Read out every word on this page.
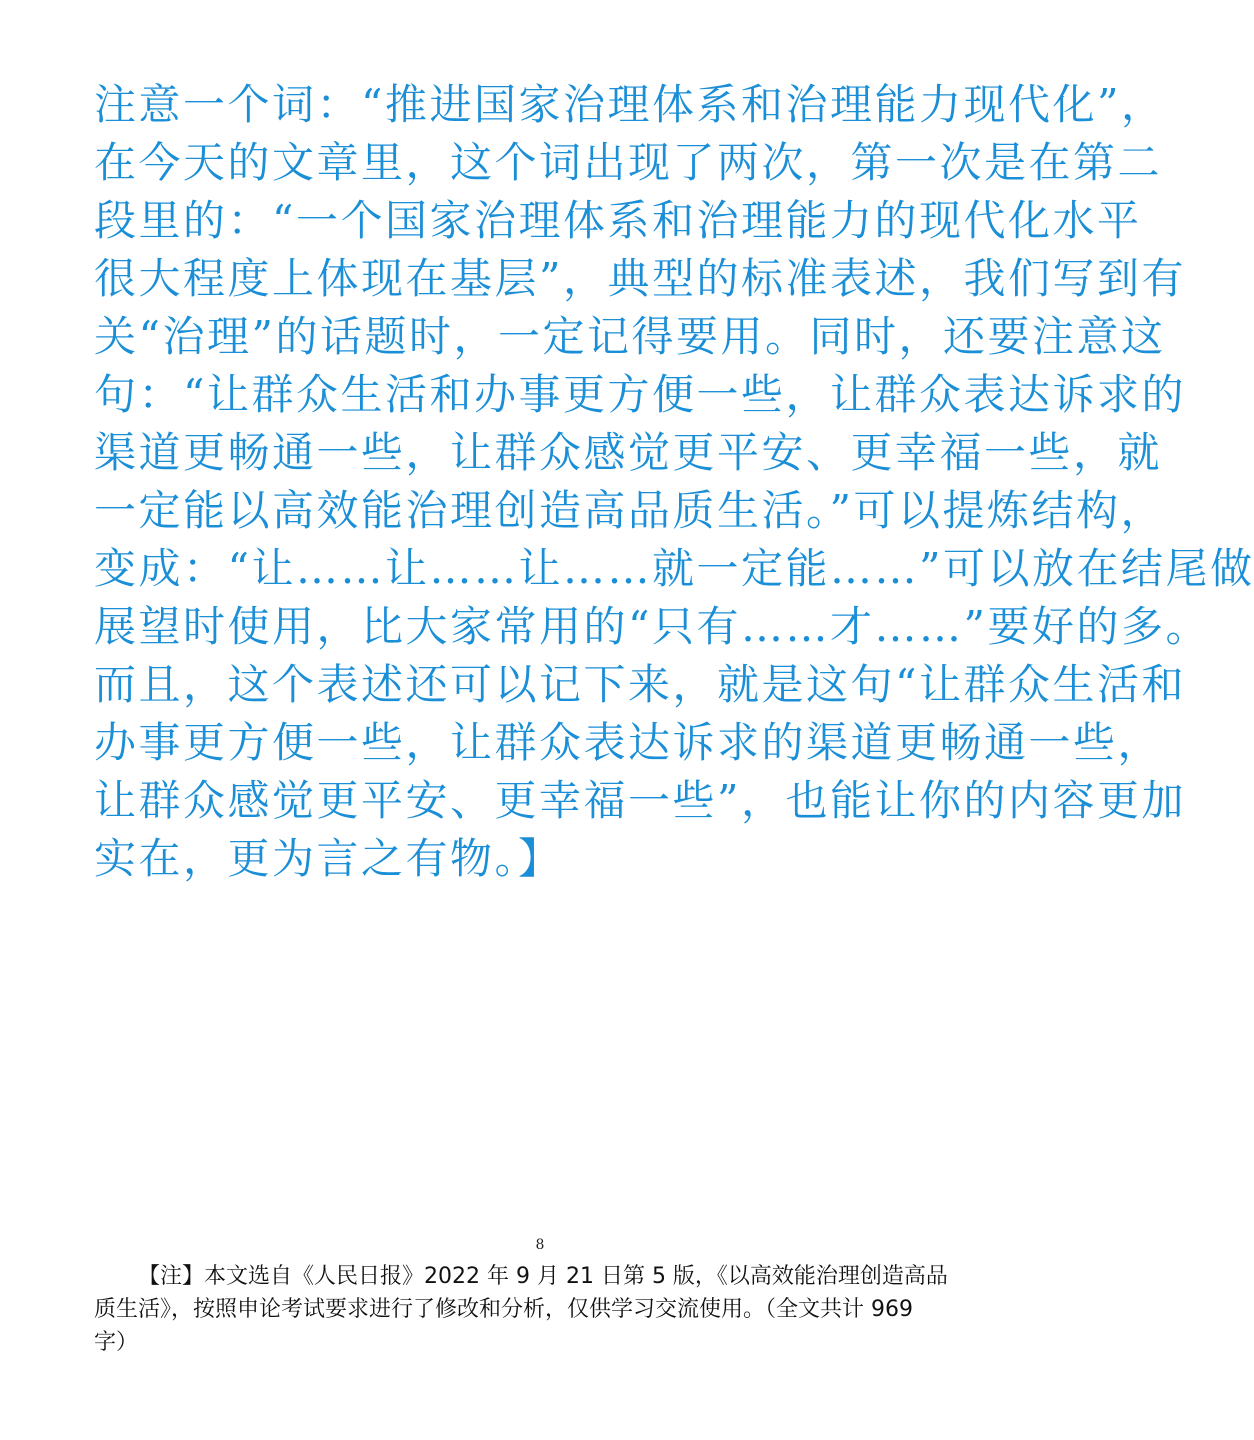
注意一个词：“推进国家治理体系和治理能力现代化”，
在今天的文章里，这个词出现了两次，第一次是在第二
段里的：“一个国家治理体系和治理能力的现代化水平
很大程度上体现在基层”，典型的标准表述，我们写到有
关“治理”的话题时，一定记得要用。同时，还要注意这
句：“让群众生活和办事更方便一些，让群众表达诉求的
渠道更畅通一些，让群众感觉更平安、更幸福一些，就
一定能以高效能治理创造高品质生活。”可以提炼结构，
变成：“让……让……让……就一定能……”可以放在结尾做
展望时使用，比大家常用的“只有……才……”要好的多。
而且，这个表述还可以记下来，就是这句“让群众生活和
办事更方便一些，让群众表达诉求的渠道更畅通一些，
让群众感觉更平安、更幸福一些”，也能让你的内容更加
实在，更为言之有物。】
8
【注】本文选自《人民日报》2022 年 9 月 21 日第 5 版，《以高效能治理创造高品
质生活》，按照申论考试要求进行了修改和分析，仅供学习交流使用。（全文共计 969
字）
